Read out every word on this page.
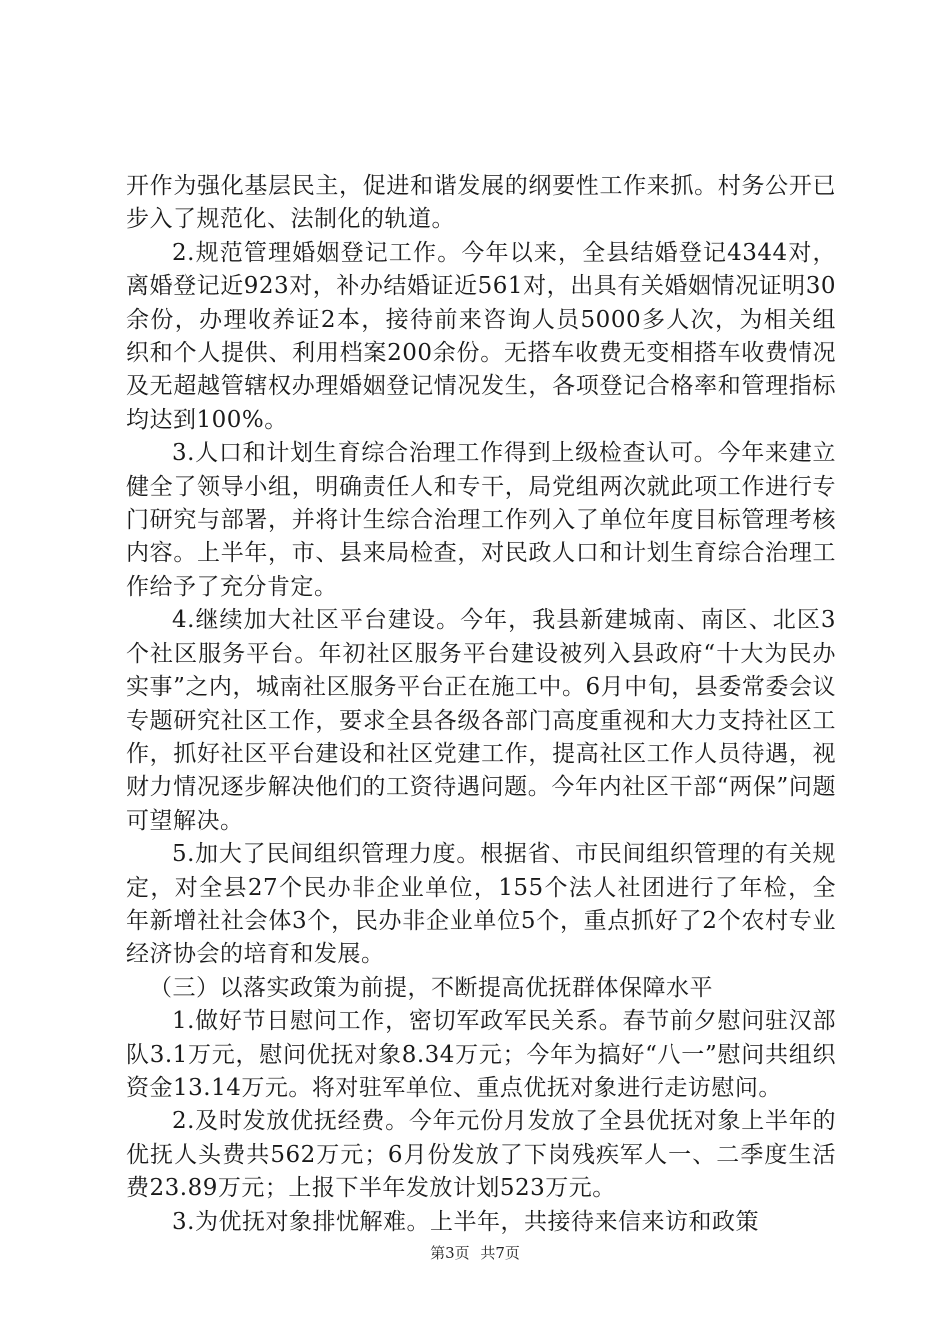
开作为强化基层民主，促进和谐发展的纲要性工作来抓。村务公开已步入了规范化、法制化的轨道。

2.规范管理婚姻登记工作。今年以来，全县结婚登记4344对，离婚登记近923对，补办结婚证近561对，出具有关婚姻情况证明30余份，办理收养证2本，接待前来咨询人员5000多人次，为相关组织和个人提供、利用档案200余份。无搭车收费无变相搭车收费情况及无超越管辖权办理婚姻登记情况发生，各项登记合格率和管理指标均达到100%。

3.人口和计划生育综合治理工作得到上级检查认可。今年来建立健全了领导小组，明确责任人和专干，局党组两次就此项工作进行专门研究与部署，并将计生综合治理工作列入了单位年度目标管理考核内容。上半年，市、县来局检查，对民政人口和计划生育综合治理工作给予了充分肯定。

4.继续加大社区平台建设。今年，我县新建城南、南区、北区3个社区服务平台。年初社区服务平台建设被列入县政府“十大为民办实事”之内，城南社区服务平台正在施工中。6月中旬，县委常委会议专题研究社区工作，要求全县各级各部门高度重视和大力支持社区工作，抓好社区平台建设和社区党建工作，提高社区工作人员待遇，视财力情况逐步解决他们的工资待遇问题。今年内社区干部“两保”问题可望解决。

5.加大了民间组织管理力度。根据省、市民间组织管理的有关规定，对全县27个民办非企业单位，155个法人社团进行了年检，全年新增社社会体3个，民办非企业单位5个，重点抓好了2个农村专业经济协会的培育和发展。

（三）以落实政策为前提，不断提高优抚群体保障水平

1.做好节日慰问工作，密切军政军民关系。春节前夕慰问驻汉部队3.1万元，慰问优抚对象8.34万元；今年为搞好“八一”慰问共组织资金13.14万元。将对驻军单位、重点优抚对象进行走访慰问。

2.及时发放优抚经费。今年元份月发放了全县优抚对象上半年的优抚人头费共562万元；6月份发放了下岗残疾军人一、二季度生活费23.89万元；上报下半年发放计划523万元。

3.为优抚对象排忧解难。上半年，共接待来信来访和政策

第3页 共7页
